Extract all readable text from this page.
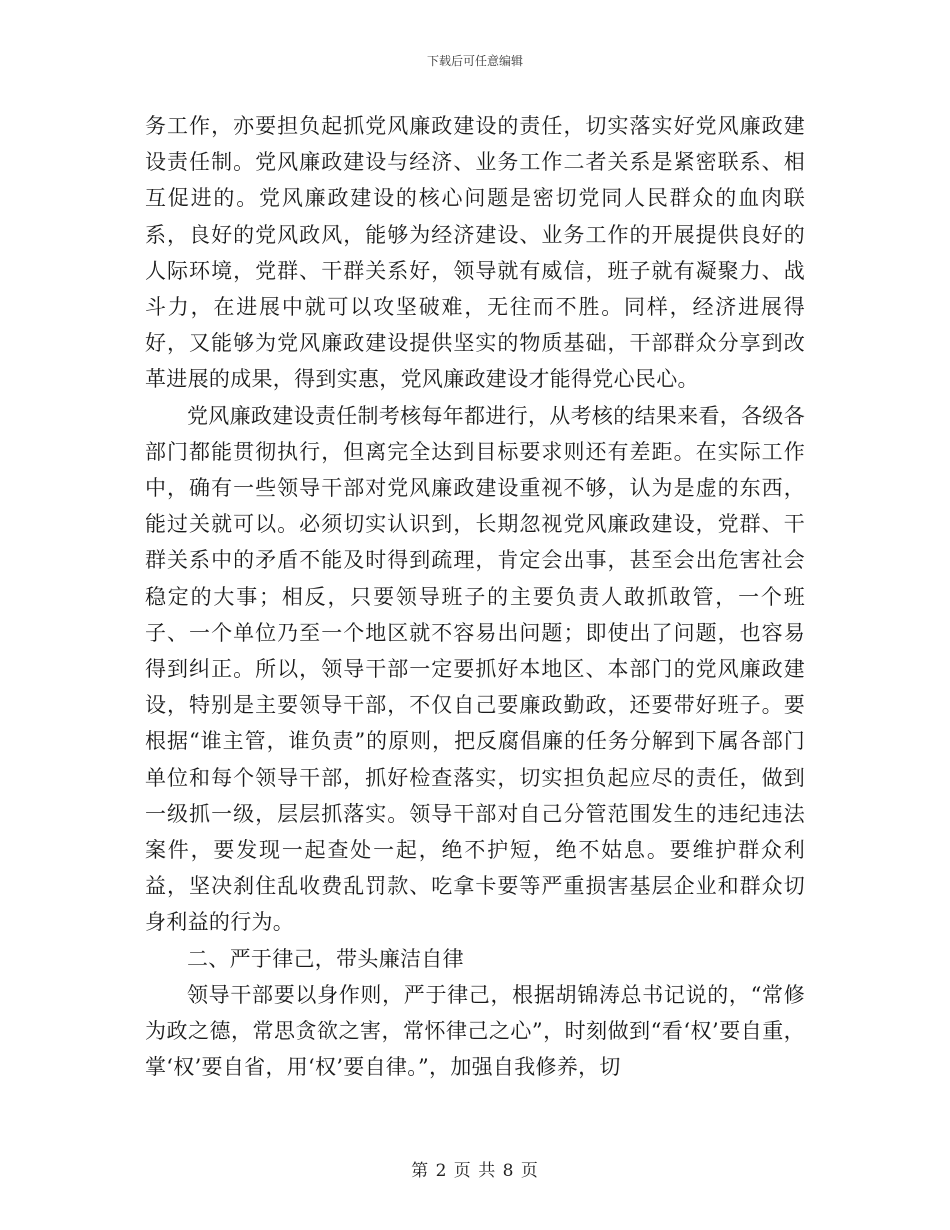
下载后可任意编辑

务工作，亦要担负起抓党风廉政建设的责任，切实落实好党风廉政建设责任制。党风廉政建设与经济、业务工作二者关系是紧密联系、相互促进的。党风廉政建设的核心问题是密切党同人民群众的血肉联系，良好的党风政风，能够为经济建设、业务工作的开展提供良好的人际环境，党群、干群关系好，领导就有威信，班子就有凝聚力、战斗力，在进展中就可以攻坚破难，无往而不胜。同样，经济进展得好，又能够为党风廉政建设提供坚实的物质基础，干部群众分享到改革进展的成果，得到实惠，党风廉政建设才能得党心民心。

党风廉政建设责任制考核每年都进行，从考核的结果来看，各级各部门都能贯彻执行，但离完全达到目标要求则还有差距。在实际工作中，确有一些领导干部对党风廉政建设重视不够，认为是虚的东西，能过关就可以。必须切实认识到，长期忽视党风廉政建设，党群、干群关系中的矛盾不能及时得到疏理，肯定会出事，甚至会出危害社会稳定的大事；相反，只要领导班子的主要负责人敢抓敢管，一个班子、一个单位乃至一个地区就不容易出问题；即使出了问题，也容易得到纠正。所以，领导干部一定要抓好本地区、本部门的党风廉政建设，特别是主要领导干部，不仅自己要廉政勤政，还要带好班子。要根据“谁主管，谁负责”的原则，把反腐倡廉的任务分解到下属各部门单位和每个领导干部，抓好检查落实，切实担负起应尽的责任，做到一级抓一级，层层抓落实。领导干部对自己分管范围发生的违纪违法案件，要发现一起查处一起，绝不护短，绝不姑息。要维护群众利益，坚决刹住乱收费乱罚款、吃拿卡要等严重损害基层企业和群众切身利益的行为。

二、严于律己，带头廉洁自律

领导干部要以身作则，严于律己，根据胡锦涛总书记说的，“常修为政之德，常思贪欲之害，常怀律己之心”，时刻做到“看‘权’要自重，掌‘权’要自省，用‘权’要自律。”，加强自我修养，切

第 2 页 共 8 页
